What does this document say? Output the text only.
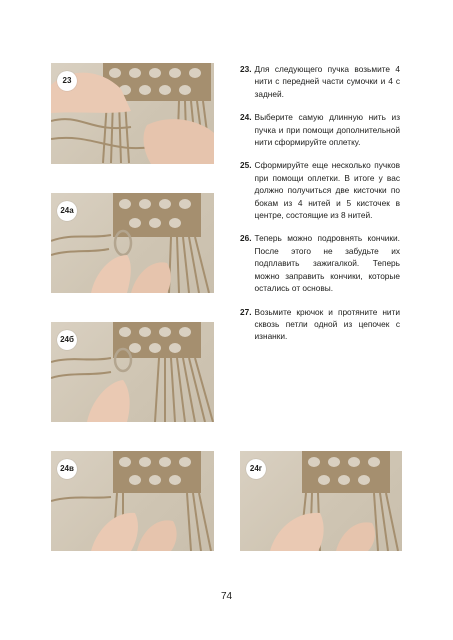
23
24а
24б
24в	24г
23. Для следующего пучка возьмите 4 нити с передней части сумочки и 4 с задней.
24. Выберите самую длинную нить из пучка и при помощи дополнительной нити сформируйте оплетку.
25. Сформируйте еще несколько пучков при помощи оплетки. В итоге у вас должно получиться две кисточки по бокам из 4 нитей и 5 кисточек в центре, состоящие из 8 нитей.
26. Теперь можно подровнять кончики. После этого не забудьте их подплавить зажигалкой. Теперь можно заправить кончики, которые остались от основы.
27. Возьмите крючок и протяните нити сквозь петли одной из цепочек с изнанки.
74
